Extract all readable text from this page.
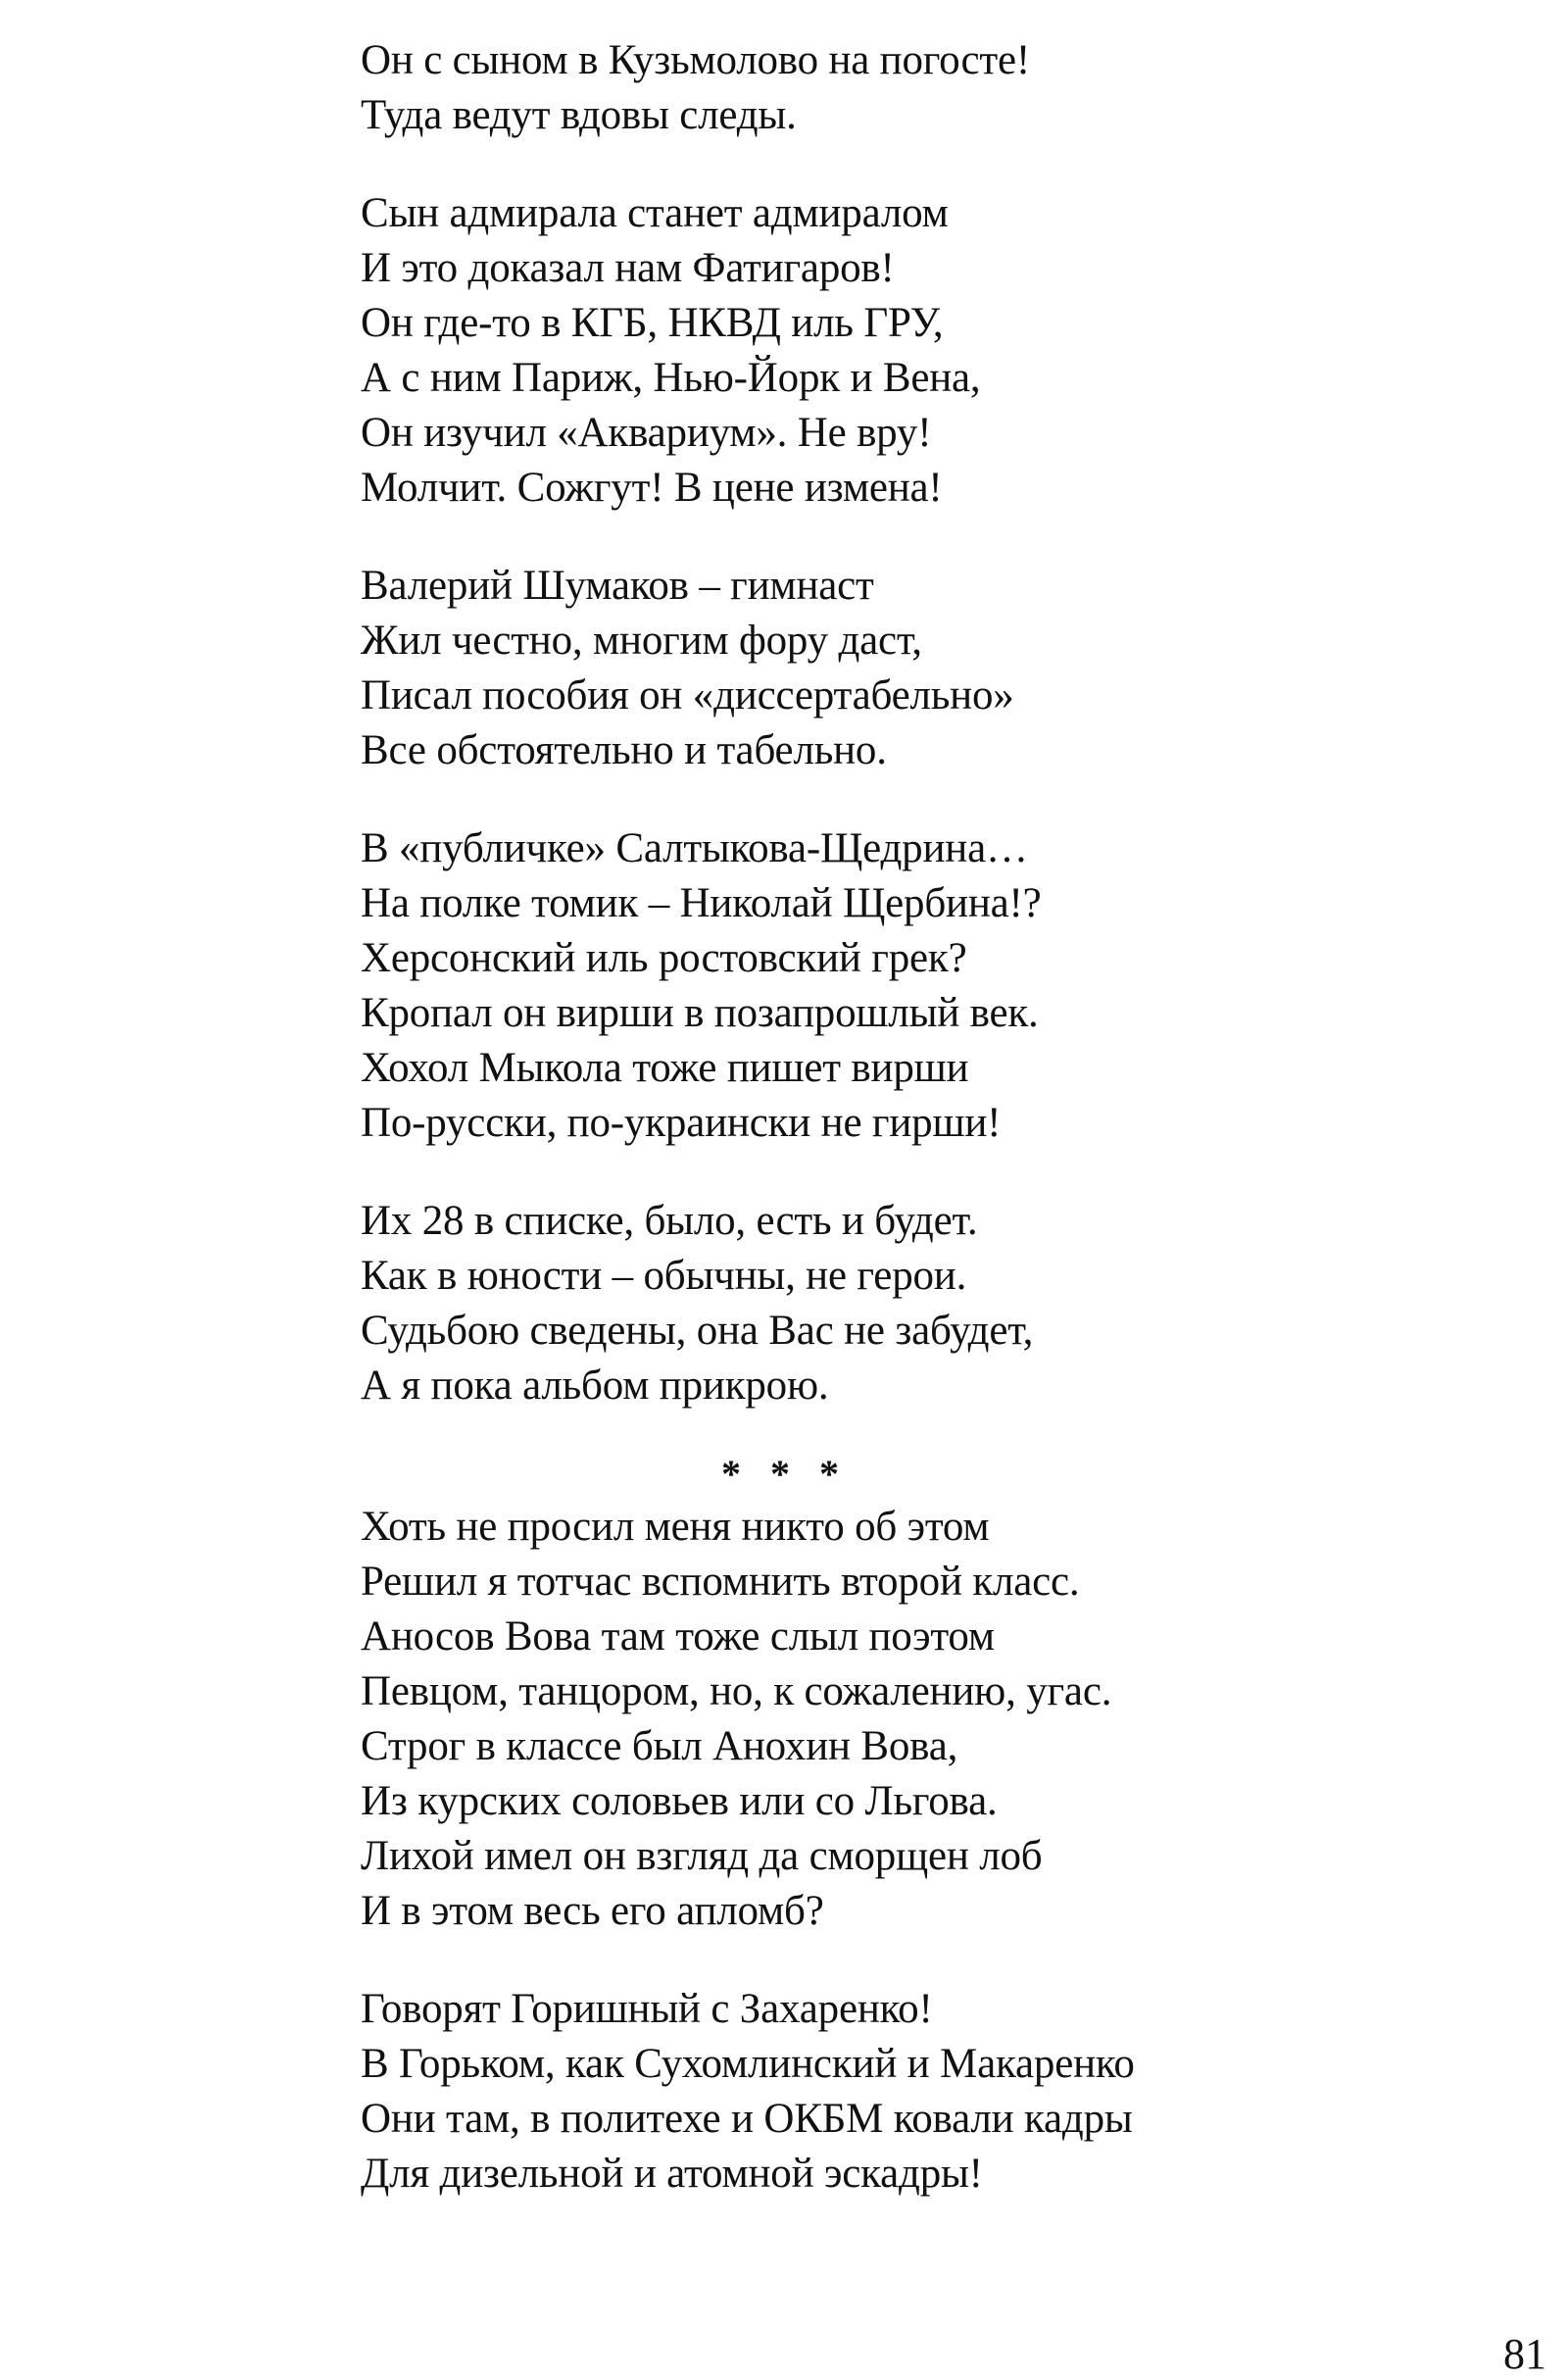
Он с сыном в Кузьмолово на погосте!
Туда ведут вдовы следы.
Сын адмирала станет адмиралом
И это доказал нам Фатигаров!
Он где-то в КГБ, НКВД иль ГРУ,
А с ним Париж, Нью-Йорк и Вена,
Он изучил «Аквариум». Не вру!
Молчит. Сожгут! В цене измена!
Валерий Шумаков – гимнаст
Жил честно, многим фору даст,
Писал пособия он «диссертабельно»
Все обстоятельно и табельно.
В «публичке» Салтыкова-Щедрина…
На полке томик – Николай Щербина!?
Херсонский иль ростовский грек?
Кропал он вирши в позапрошлый век.
Хохол Мыкола тоже пишет вирши
По-русски, по-украински не гирши!
Их 28 в списке, было, есть и будет.
Как в юности – обычны, не герои.
Судьбою сведены, она Вас не забудет,
А я пока альбом прикрою.
* * *
Хоть не просил меня никто об этом
Решил я тотчас вспомнить второй класс.
Аносов Вова там тоже слыл поэтом
Певцом, танцором, но, к сожалению, угас.
Строг в классе был Анохин Вова,
Из курских соловьев или со Льгова.
Лихой имел он взгляд да сморщен лоб
И в этом весь его апломб?
Говорят Горишный с Захаренко!
В Горьком, как Сухомлинский и Макаренко
Они там, в политехе и ОКБМ ковали кадры
Для дизельной и атомной эскадры!
81
